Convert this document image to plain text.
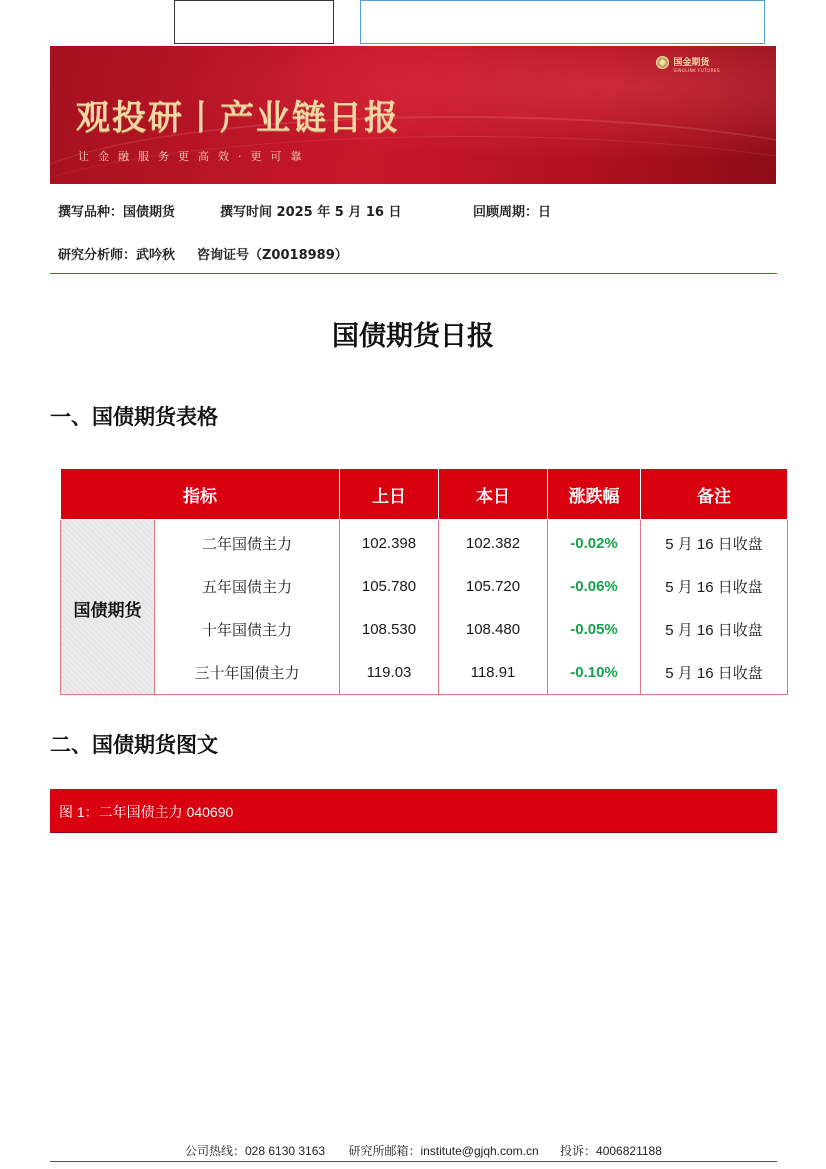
国金期货
SINOLINK FUTURES
观投研丨产业链日报
让金融服务更高效·更可靠
撰写品种：国债期货	撰写时间 2025 年 5 月 16 日	回顾周期：日
研究分析师：武吟秋 咨询证号（Z0018989）
国债期货日报
一、国债期货表格
指标		上日	本日	涨跌幅	备注
国债期货	二年国债主力	102.398	102.382	-0.02%	5 月 16 日收盘
	五年国债主力	105.780	105.720	-0.06%	5 月 16 日收盘
	十年国债主力	108.530	108.480	-0.05%	5 月 16 日收盘
	三十年国债主力	119.03	118.91	-0.10%	5 月 16 日收盘
二、国债期货图文
图 1：二年国债主力 040690
公司热线：028 6130 3163 研究所邮箱：institute@gjqh.com.cn 投诉：4006821188
